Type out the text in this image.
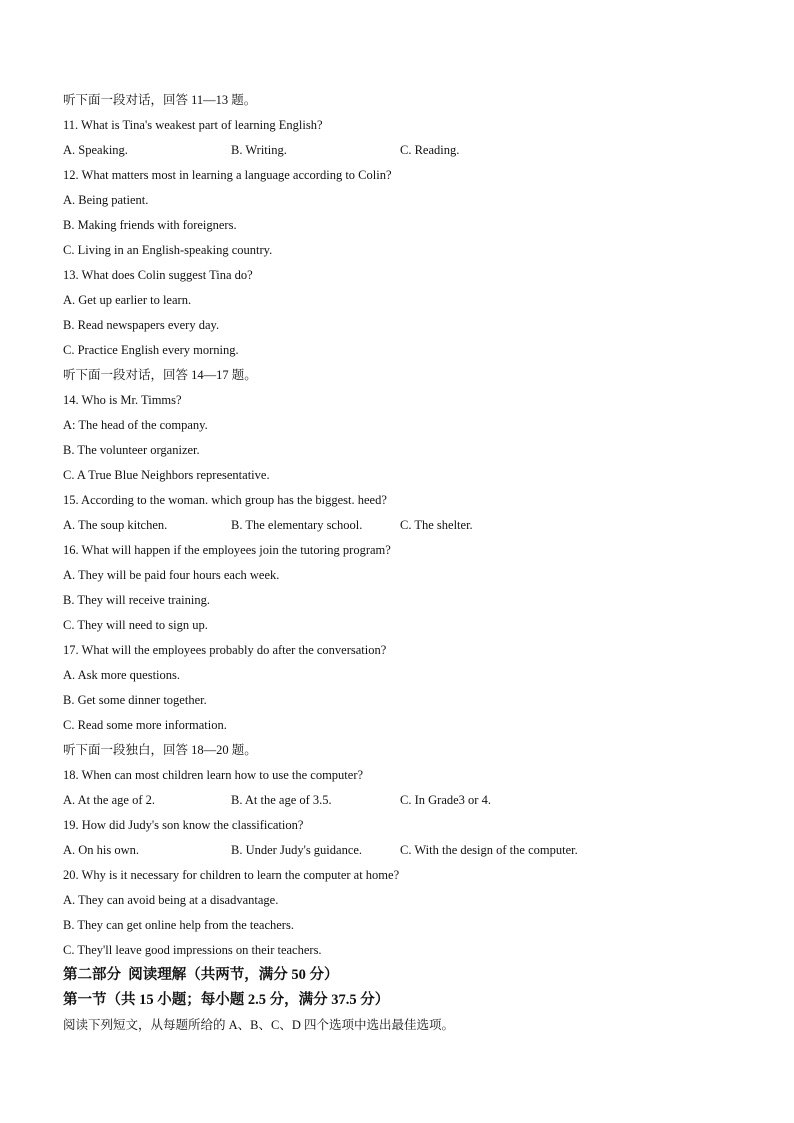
听下面一段对话，回答 11—13 题。
11. What is Tina's weakest part of learning English?
A. Speaking.	B. Writing.	C. Reading.
12. What matters most in learning a language according to Colin?
A. Being patient.
B. Making friends with foreigners.
C. Living in an English-speaking country.
13. What does Colin suggest Tina do?
A. Get up earlier to learn.
B. Read newspapers every day.
C. Practice English every morning.
听下面一段对话，回答 14—17 题。
14. Who is Mr. Timms?
A: The head of the company.
B. The volunteer organizer.
C. A True Blue Neighbors representative.
15. According to the woman. which group has the biggest. heed?
A. The soup kitchen.	B. The elementary school.	C. The shelter.
16. What will happen if the employees join the tutoring program?
A. They will be paid four hours each week.
B. They will receive training.
C. They will need to sign up.
17. What will the employees probably do after the conversation?
A. Ask more questions.
B. Get some dinner together.
C. Read some more information.
听下面一段独白，回答 18—20 题。
18. When can most children learn how to use the computer?
A. At the age of 2.	B. At the age of 3.5.	C. In Grade3 or 4.
19. How did Judy's son know the classification?
A. On his own.	B. Under Judy's guidance.	C. With the design of the computer.
20. Why is it necessary for children to learn the computer at home?
A. They can avoid being at a disadvantage.
B. They can get online help from the teachers.
C. They'll leave good impressions on their teachers.
第二部分  阅读理解（共两节，满分 50 分）
第一节（共 15 小题；每小题 2.5 分，满分 37.5 分）
阅读下列短文，从每题所给的 A、B、C、D 四个选项中选出最佳选项。
